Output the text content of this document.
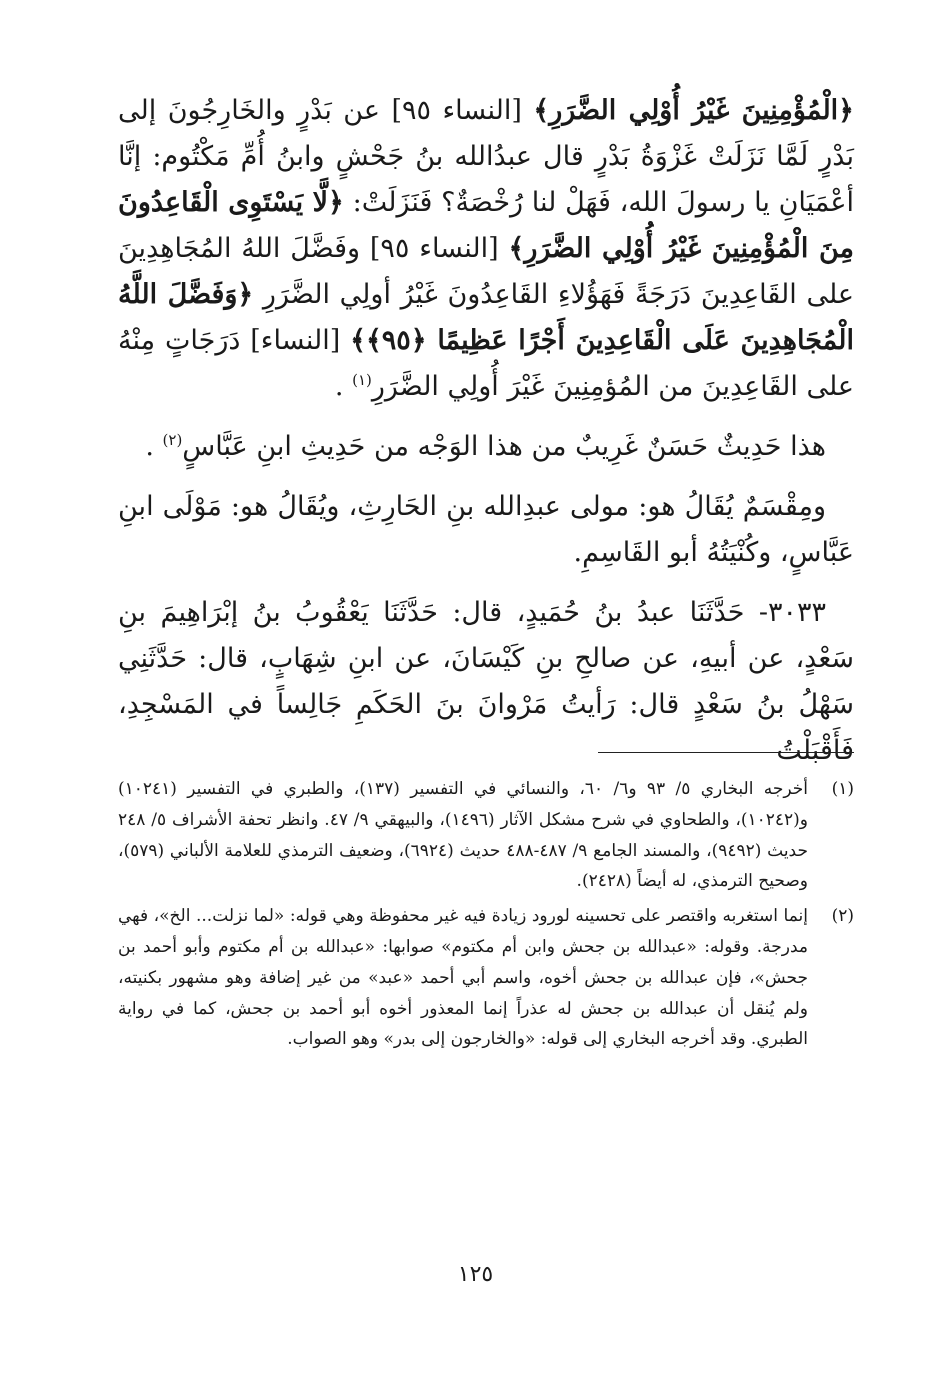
﴿الْمُؤْمِنِينَ غَيْرُ أُوْلِي الضَّرَرِ﴾ [النساء ٩٥] عن بَدْرٍ والخَارِجُونَ إلى بَدْرٍ لَمَّا نَزَلَتْ غَزْوَةُ بَدْرٍ قال عبدُالله بنُ جَحْشٍ وابنُ أُمِّ مَكْتُوم: إنَّا أعْمَيَانِ يا رسولَ الله، فَهَلْ لنا رُخْصَةٌ؟ فَنَزَلَتْ: ﴿لَّا يَسْتَوِى الْقَاعِدُونَ مِنَ الْمُؤْمِنِينَ غَيْرُ أُوْلِي الضَّرَرِ﴾ [النساء ٩٥] وفَضَّلَ اللهُ المُجَاهِدِينَ على القَاعِدِينَ دَرَجَةً فَهَؤُلاءِ القَاعِدُونَ غَيْرُ أولِي الضَّرَرِ ﴿وَفَضَّلَ اللَّهُ الْمُجَاهِدِينَ عَلَى الْقَاعِدِينَ أَجْرًا عَظِيمًا ﴿٩٥﴾﴾ [النساء] دَرَجَاتٍ مِنْهُ على القَاعِدِينَ من المُؤمِنِينَ غَيْرَ أُولِي الضَّرَرِ$^{(١)}$ .

هذا حَدِيثٌ حَسَنٌ غَرِيبٌ من هذا الوَجْه من حَدِيثِ ابنِ عَبَّاسٍ$^{(٢)}$ .

ومِقْسَمٌ يُقَالُ هو: مولى عبدِالله بنِ الحَارِثِ، ويُقَالُ هو: مَوْلَى ابنِ عَبَّاسٍ، وكُنْيَتُهُ أبو القَاسِمِ.

٣٠٣٣- حَدَّثَنَا عبدُ بنُ حُمَيدٍ، قال: حَدَّثَنَا يَعْقُوبُ بنُ إبْرَاهِيمَ بنِ سَعْدٍ، عن أبيهِ، عن صالحِ بنِ كَيْسَانَ، عن ابنِ شِهَابٍ، قال: حَدَّثَنِي سَهْلُ بنُ سَعْدٍ قال: رَأيتُ مَرْوانَ بنَ الحَكَمِ جَالِساً في المَسْجِدِ، فَأَقْبَلْتُ

(١)
أخرجه البخاري ٥/ ٩٣ و٦/ ٦٠، والنسائي في التفسير (١٣٧)، والطبري في التفسير (١٠٢٤١) و(١٠٢٤٢)، والطحاوي في شرح مشكل الآثار (١٤٩٦)، والبيهقي ٩/ ٤٧. وانظر تحفة الأشراف ٥/ ٢٤٨ حديث (٩٤٩٢)، والمسند الجامع ٩/ ٤٨٧-٤٨٨ حديث (٦٩٢٤)، وضعيف الترمذي للعلامة الألباني (٥٧٩)، وصحيح الترمذي، له أيضاً (٢٤٢٨).
(٢)
إنما استغربه واقتصر على تحسينه لورود زيادة فيه غير محفوظة وهي قوله: «لما نزلت... الخ»، فهي مدرجة. وقوله: «عبدالله بن جحش وابن أم مكتوم» صوابها: «عبدالله بن أم مكتوم وأبو أحمد بن جحش»، فإن عبدالله بن جحش أخوه، واسم أبي أحمد «عبد» من غير إضافة وهو مشهور بكنيته، ولم يُنقل أن عبدالله بن جحش له عذراً إنما المعذور أخوه أبو أحمد بن جحش، كما في رواية الطبري. وقد أخرجه البخاري إلى قوله: «والخارجون إلى بدر» وهو الصواب.
١٢٥
